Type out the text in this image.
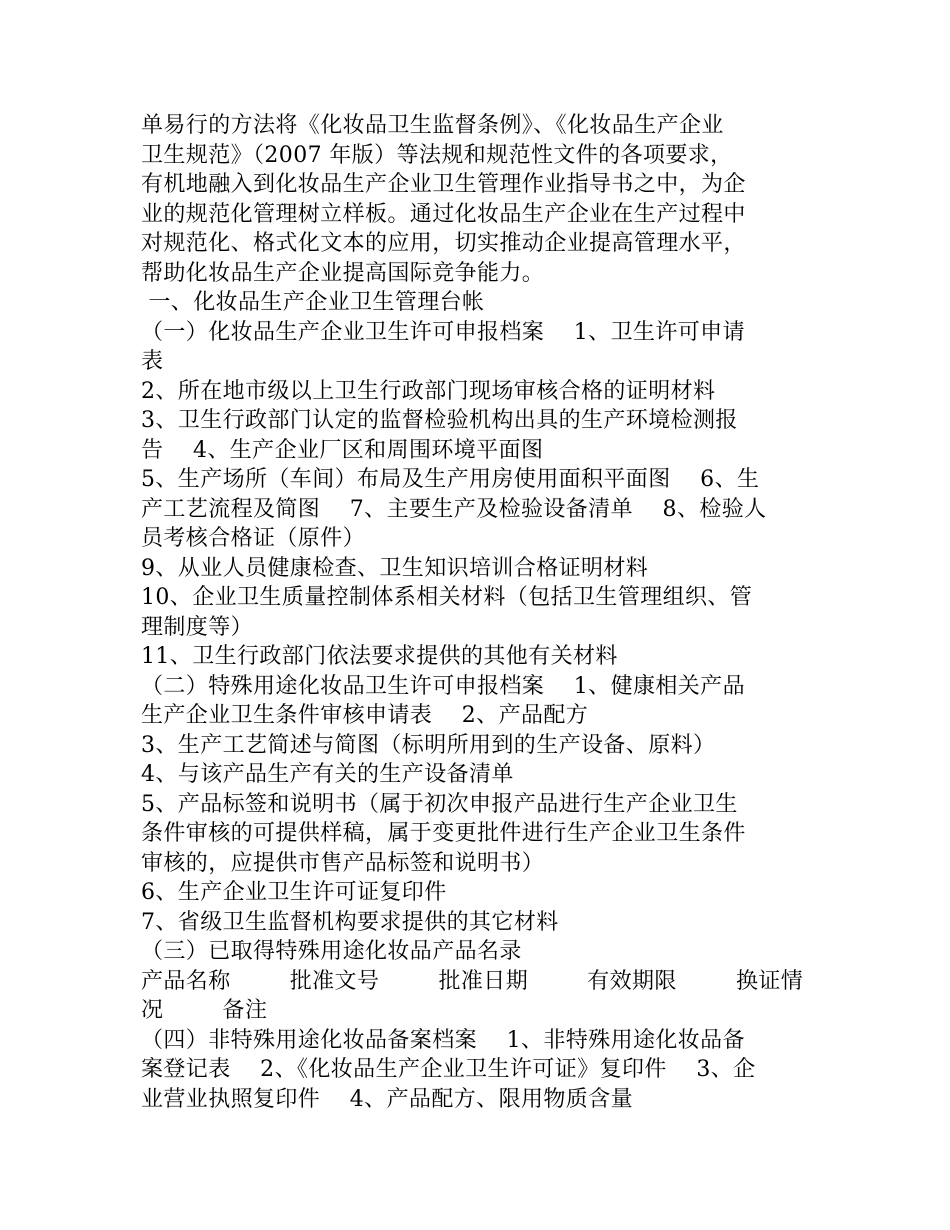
单易行的方法将《化妆品卫生监督条例》、《化妆品生产企业
卫生规范》（2007 年版）等法规和规范性文件的各项要求，
有机地融入到化妆品生产企业卫生管理作业指导书之中，为企
业的规范化管理树立样板。通过化妆品生产企业在生产过程中
对规范化、格式化文本的应用，切实推动企业提高管理水平，
帮助化妆品生产企业提高国际竞争能力。
一、化妆品生产企业卫生管理台帐
（一）化妆品生产企业卫生许可申报档案    1、卫生许可申请
表
2、所在地市级以上卫生行政部门现场审核合格的证明材料
3、卫生行政部门认定的监督检验机构出具的生产环境检测报
告    4、生产企业厂区和周围环境平面图
5、生产场所（车间）布局及生产用房使用面积平面图    6、生
产工艺流程及简图    7、主要生产及检验设备清单    8、检验人
员考核合格证（原件）
9、从业人员健康检查、卫生知识培训合格证明材料
10、企业卫生质量控制体系相关材料（包括卫生管理组织、管
理制度等）
11、卫生行政部门依法要求提供的其他有关材料
（二）特殊用途化妆品卫生许可申报档案    1、健康相关产品
生产企业卫生条件审核申请表    2、产品配方
3、生产工艺简述与简图（标明所用到的生产设备、原料）
4、与该产品生产有关的生产设备清单
5、产品标签和说明书（属于初次申报产品进行生产企业卫生
条件审核的可提供样稿，属于变更批件进行生产企业卫生条件
审核的，应提供市售产品标签和说明书）
6、生产企业卫生许可证复印件
7、省级卫生监督机构要求提供的其它材料
（三）已取得特殊用途化妆品产品名录
产品名称        批准文号        批准日期        有效期限        换证情
况        备注
（四）非特殊用途化妆品备案档案    1、非特殊用途化妆品备
案登记表    2、《化妆品生产企业卫生许可证》复印件    3、企
业营业执照复印件    4、产品配方、限用物质含量
